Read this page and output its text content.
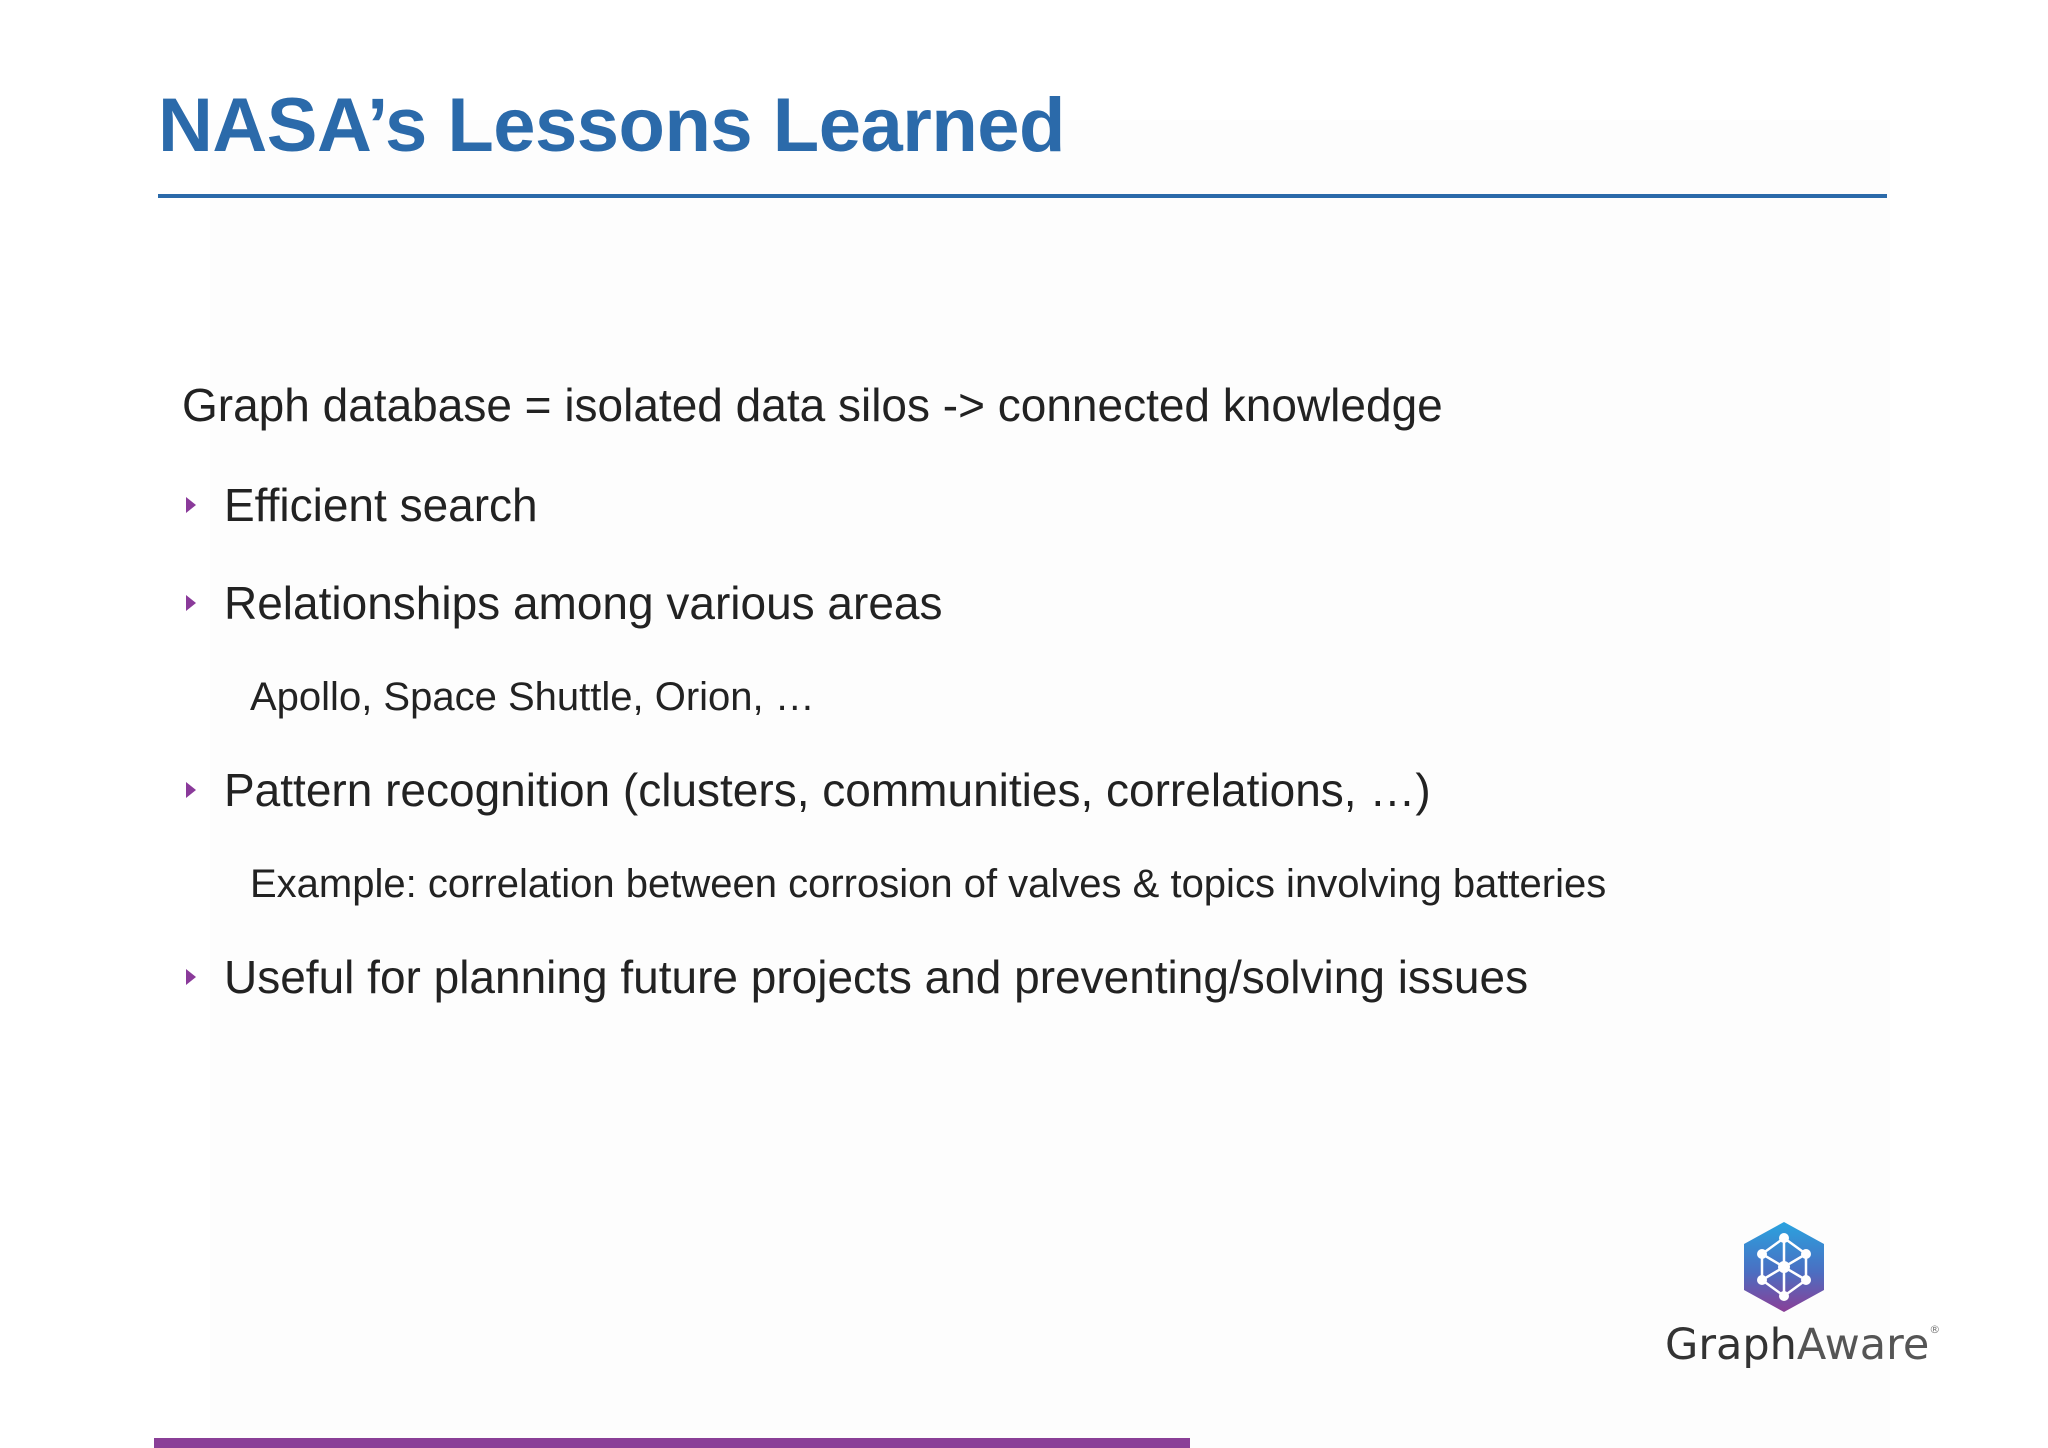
NASA’s Lessons Learned
Graph database = isolated data silos -> connected knowledge
Efficient search
Relationships among various areas
Apollo, Space Shuttle, Orion, …
Pattern recognition (clusters, communities, correlations, …)
Example: correlation between corrosion of valves & topics involving batteries
Useful for planning future projects and preventing/solving issues
GraphAware®
